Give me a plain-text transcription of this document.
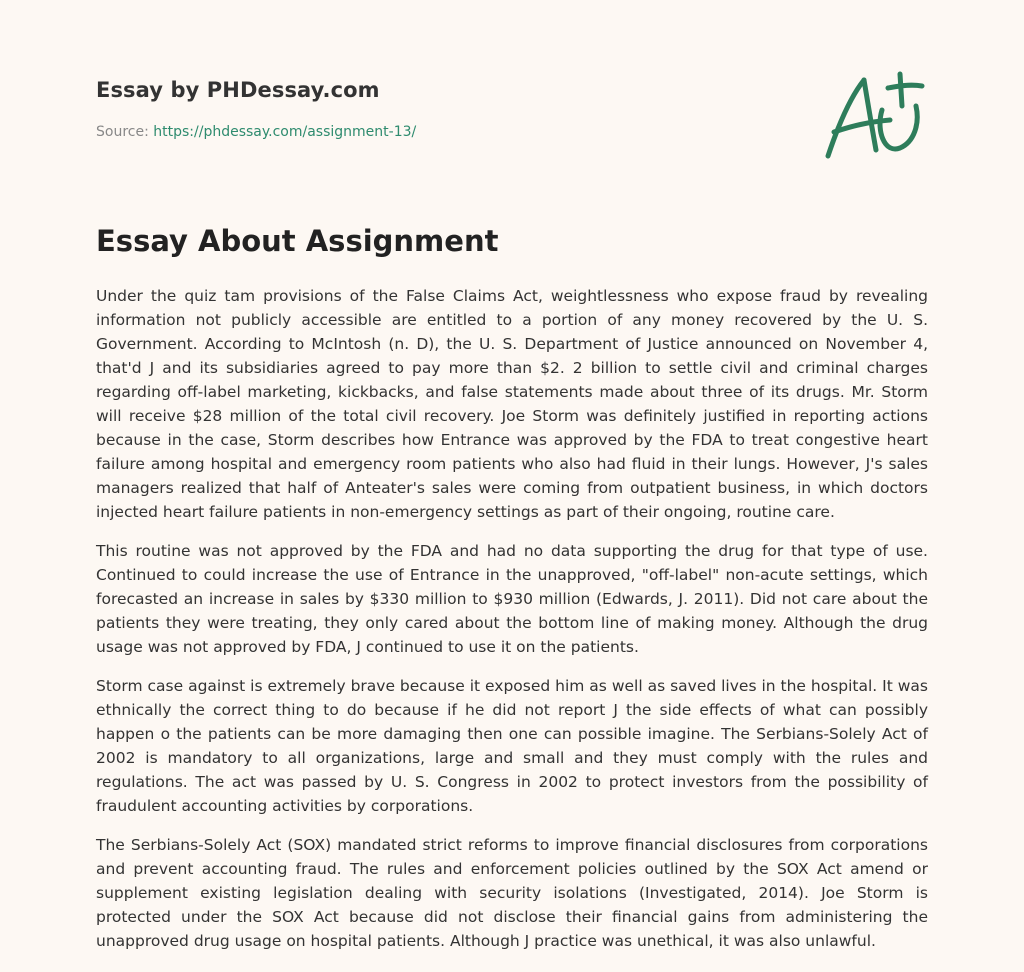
Essay by PHDessay.com
Source: https://phdessay.com/assignment-13/
Essay About Assignment

Under the quiz tam provisions of the False Claims Act, weightlessness who expose fraud by revealing information not publicly accessible are entitled to a portion of any money recovered by the U. S. Government. According to McIntosh (n. D), the U. S. Department of Justice announced on November 4, that'd J and its subsidiaries agreed to pay more than $2. 2 billion to settle civil and criminal charges regarding off-label marketing, kickbacks, and false statements made about three of its drugs. Mr. Storm will receive $28 million of the total civil recovery. Joe Storm was definitely justified in reporting actions because in the case, Storm describes how Entrance was approved by the FDA to treat congestive heart failure among hospital and emergency room patients who also had fluid in their lungs. However, J's sales managers realized that half of Anteater's sales were coming from outpatient business, in which doctors injected heart failure patients in non-emergency settings as part of their ongoing, routine care.

This routine was not approved by the FDA and had no data supporting the drug for that type of use. Continued to could increase the use of Entrance in the unapproved, "off-label" non-acute settings, which forecasted an increase in sales by $330 million to $930 million (Edwards, J. 2011). Did not care about the patients they were treating, they only cared about the bottom line of making money. Although the drug usage was not approved by FDA, J continued to use it on the patients.

Storm case against is extremely brave because it exposed him as well as saved lives in the hospital. It was ethnically the correct thing to do because if he did not report J the side effects of what can possibly happen o the patients can be more damaging then one can possible imagine. The Serbians-Solely Act of 2002 is mandatory to all organizations, large and small and they must comply with the rules and regulations. The act was passed by U. S. Congress in 2002 to protect investors from the possibility of fraudulent accounting activities by corporations.

The Serbians-Solely Act (SOX) mandated strict reforms to improve financial disclosures from corporations and prevent accounting fraud. The rules and enforcement policies outlined by the SOX Act amend or supplement existing legislation dealing with security isolations (Investigated, 2014). Joe Storm is protected under the SOX Act because did not disclose their financial gains from administering the unapproved drug usage on hospital patients. Although J practice was unethical, it was also unlawful.
